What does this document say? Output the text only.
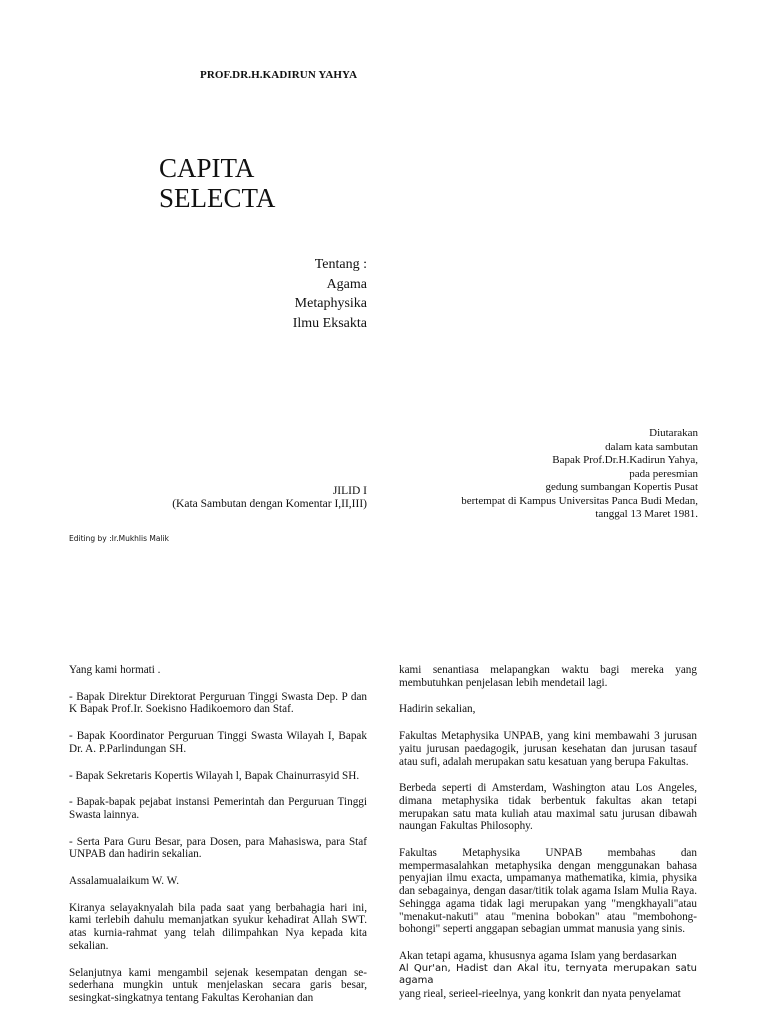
PROF.DR.H.KADIRUN YAHYA
CAPITA
SELECTA
Tentang :
Agama
Metaphysika
Ilmu Eksakta
Diutarakan
dalam kata sambutan
Bapak Prof.Dr.H.Kadirun Yahya,
pada peresmian
gedung sumbangan Kopertis Pusat
bertempat di Kampus Universitas Panca Budi Medan,
tanggal 13 Maret 1981.
JILID I
(Kata Sambutan dengan Komentar I,II,III)
Editing by :Ir.Mukhlis Malik

Yang kami hormati .

- Bapak Direktur Direktorat Perguruan Tinggi Swasta Dep. P dan K Bapak Prof.Ir. Soekisno Hadikoemoro dan Staf.

- Bapak Koordinator Perguruan Tinggi Swasta Wilayah I, Bapak Dr. A. P.Parlindungan SH.

- Bapak Sekretaris Kopertis Wilayah l, Bapak Chainurrasyid SH.

- Bapak-bapak pejabat instansi Pemerintah dan Perguruan Tinggi Swasta lainnya.

- Serta Para Guru Besar, para Dosen, para Mahasiswa, para Staf UNPAB dan hadirin sekalian.

Assalamualaikum W. W.

Kiranya selayaknyalah bila pada saat yang berbahagia hari ini, kami terlebih dahulu memanjatkan syukur kehadirat Allah SWT. atas kurnia-rahmat yang telah dilimpahkan Nya kepada kita sekalian.

Selanjutnya kami mengambil sejenak kesempatan dengan se-sederhana mungkin untuk menjelaskan secara garis besar, sesingkat-singkatnya tentang Fakultas Kerohanian dan

kami senantiasa melapangkan waktu bagi mereka yang membutuhkan penjelasan lebih mendetail lagi.

Hadirin sekalian,

Fakultas Metaphysika UNPAB, yang kini membawahi 3 jurusan yaitu jurusan paedagogik, jurusan kesehatan dan jurusan tasauf atau sufi, adalah merupakan satu kesatuan yang berupa Fakultas.

Berbeda seperti di Amsterdam, Washington atau Los Angeles, dimana metaphysika tidak berbentuk fakultas akan tetapi merupakan satu mata kuliah atau maximal satu jurusan dibawah naungan Fakultas Philosophy.

Fakultas Metaphysika UNPAB membahas dan mempermasalahkan metaphysika dengan menggunakan bahasa penyajian ilmu exacta, umpamanya mathematika, kimia, physika dan sebagainya, dengan dasar/titik tolak agama Islam Mulia Raya. Sehingga agama tidak lagi merupakan yang "mengkhayali"atau "menakut-nakuti" atau "menina bobokan" atau "membohong-bohongi" seperti anggapan sebagian ummat manusia yang sinis.

Akan tetapi agama, khususnya agama Islam yang berdasarkan
Al Qur'an, Hadist dan Akal itu, ternyata merupakan satu agama
yang rieal, serieel-rieelnya, yang konkrit dan nyata penyelamat
